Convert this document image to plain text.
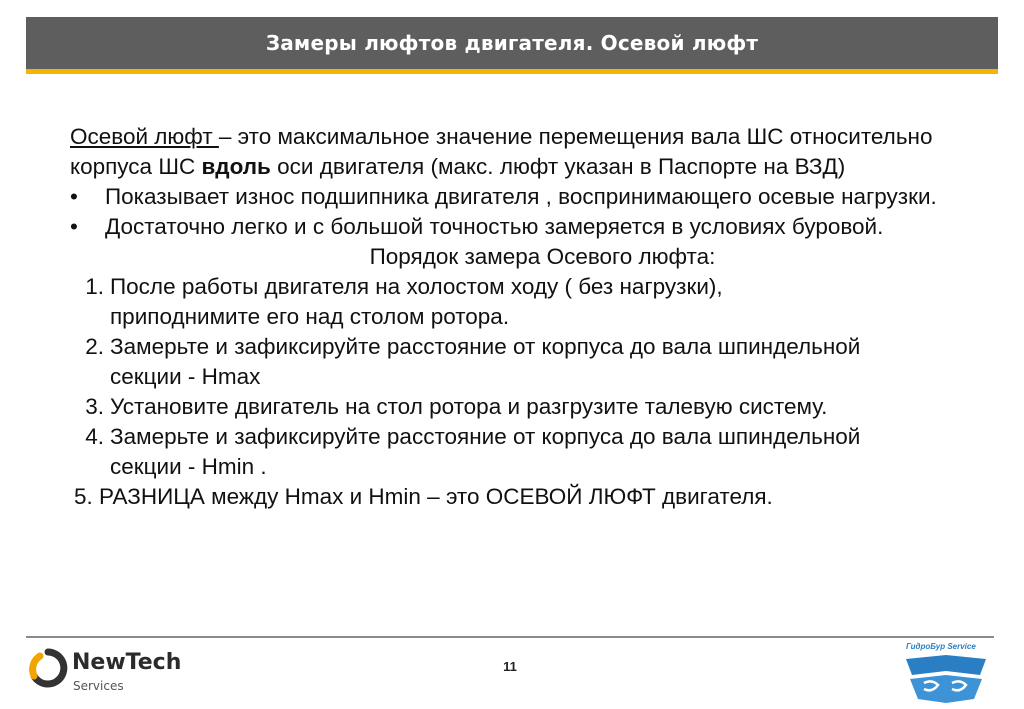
Замеры люфтов двигателя. Осевой люфт

Осевой люфт – это максимальное значение перемещения вала ШС относительно корпуса ШС вдоль оси двигателя (макс. люфт указан в Паспорте на ВЗД)

•	Показывает износ подшипника двигателя , воспринимающего осевые нагрузки.
•	Достаточно легко и с большой точностью замеряется в условиях буровой.

Порядок замера Осевого люфта:

1. После работы двигателя на холостом ходу ( без нагрузки), приподнимите его над столом ротора.
2. Замерьте и зафиксируйте расстояние от корпуса до вала шпиндельной секции - Hmax
3. Установите двигатель на стол ротора и разгрузите талевую систему.
4. Замерьте и зафиксируйте расстояние от корпуса до вала шпиндельной секции - Hmin .

5. РАЗНИЦА между Hmax и Hmin – это ОСЕВОЙ ЛЮФТ двигателя.

NewTech
Services
11
ГидроБур Service
